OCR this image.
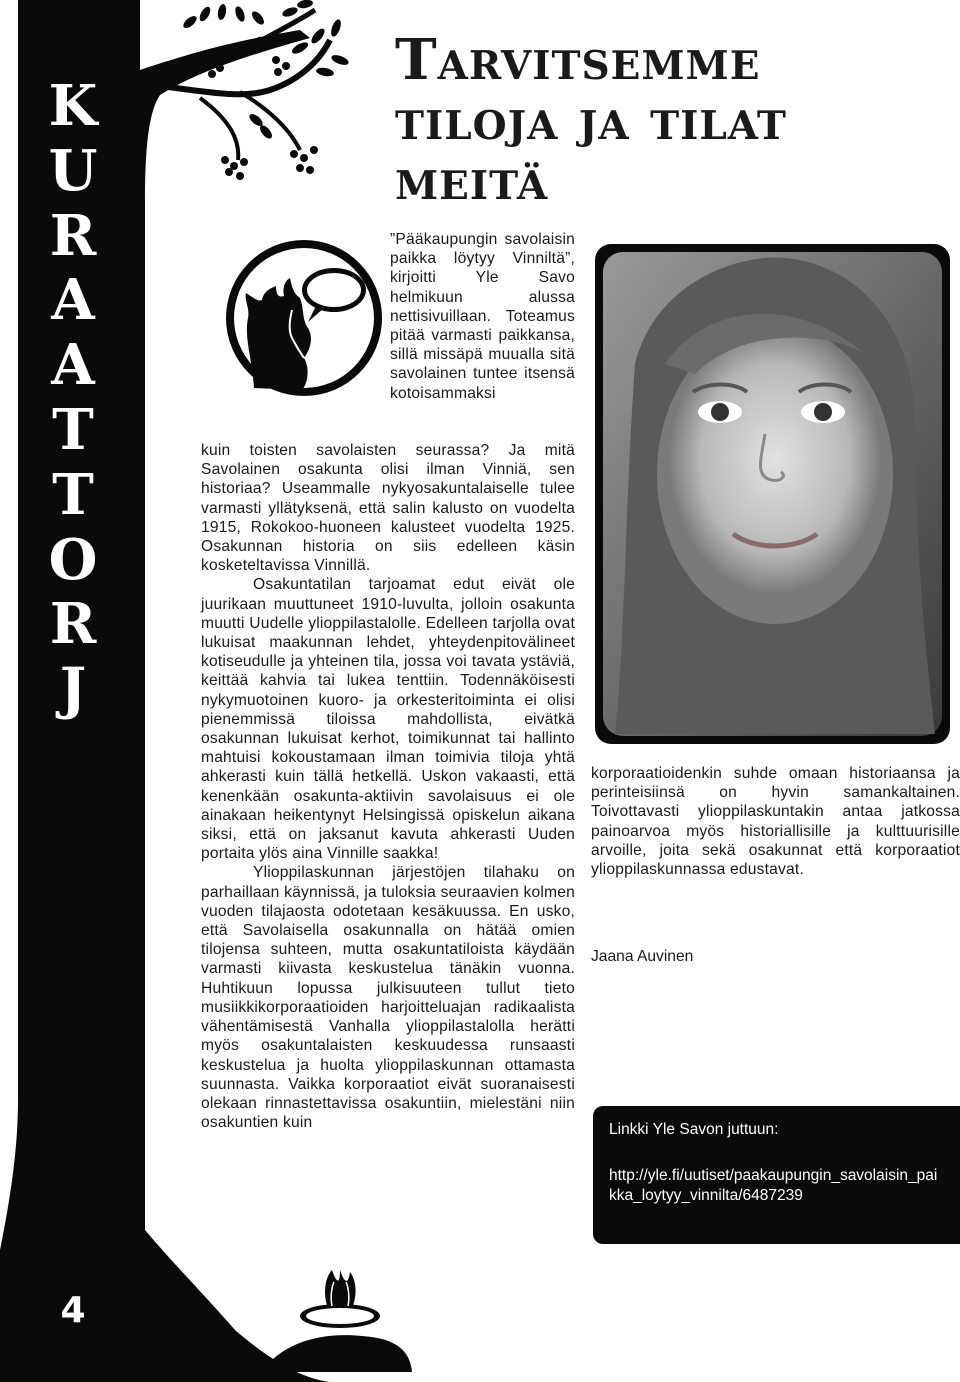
K
U
R
A
A
T
T
O
R
J
4
Tarvitsemme
tiloja ja tilat
meitä

”Pääkaupungin savolaisin paikka löytyy Vinniltä”, kirjoitti Yle Savo helmikuun alussa nettisivuillaan. Toteamus pitää varmasti paikkansa, sillä missäpä muualla sitä savolainen tuntee itsensä kotoisammaksi

kuin toisten savolaisten seurassa? Ja mitä Savolainen osakunta olisi ilman Vinniä, sen historiaa? Useammalle nykyosakuntalaiselle tulee varmasti yllätyksenä, että salin kalusto on vuodelta 1915, Rokokoo-huoneen kalusteet vuodelta 1925. Osakunnan historia on siis edelleen käsin kosketeltavissa Vinnillä.

Osakuntatilan tarjoamat edut eivät ole juurikaan muuttuneet 1910-luvulta, jolloin osakunta muutti Uudelle ylioppilastalolle. Edelleen tarjolla ovat lukuisat maakunnan lehdet, yhteydenpitovälineet kotiseudulle ja yhteinen tila, jossa voi tavata ystäviä, keittää kahvia tai lukea tenttiin. Todennäköisesti nykymuotoinen kuoro- ja orkesteritoiminta ei olisi pienemmissä tiloissa mahdollista, eivätkä osakunnan lukuisat kerhot, toimikunnat tai hallinto mahtuisi kokoustamaan ilman toimivia tiloja yhtä ahkerasti kuin tällä hetkellä. Uskon vakaasti, että kenenkään osakunta-aktiivin savolaisuus ei ole ainakaan heikentynyt Helsingissä opiskelun aikana siksi, että on jaksanut kavuta ahkerasti Uuden portaita ylös aina Vinnille saakka!

Ylioppilaskunnan järjestöjen tilahaku on parhaillaan käynnissä, ja tuloksia seuraavien kolmen vuoden tilajaosta odotetaan kesäkuussa. En usko, että Savolaisella osakunnalla on hätää omien tilojensa suhteen, mutta osakuntatiloista käydään varmasti kiivasta keskustelua tänäkin vuonna. Huhtikuun lopussa julkisuuteen tullut tieto musiikkikorporaatioiden harjoitteluajan radikaalista vähentämisestä Vanhalla ylioppilastalolla herätti myös osakuntalaisten keskuudessa runsaasti keskustelua ja huolta ylioppilaskunnan ottamasta suunnasta. Vaikka korporaatiot eivät suoranaisesti olekaan rinnastettavissa osakuntiin, mielestäni niin osakuntien kuin

korporaatioidenkin suhde omaan historiaansa ja perinteisiinsä on hyvin samankaltainen. Toivottavasti ylioppilaskuntakin antaa jatkossa painoarvoa myös historiallisille ja kulttuurisille arvoille, joita sekä osakunnat että korporaatiot ylioppilaskunnassa edustavat.

Jaana Auvinen
Linkki Yle Savon juttuun:
http://yle.fi/uutiset/paakaupungin_savolaisin_paikka_loytyy_vinnilta/6487239
